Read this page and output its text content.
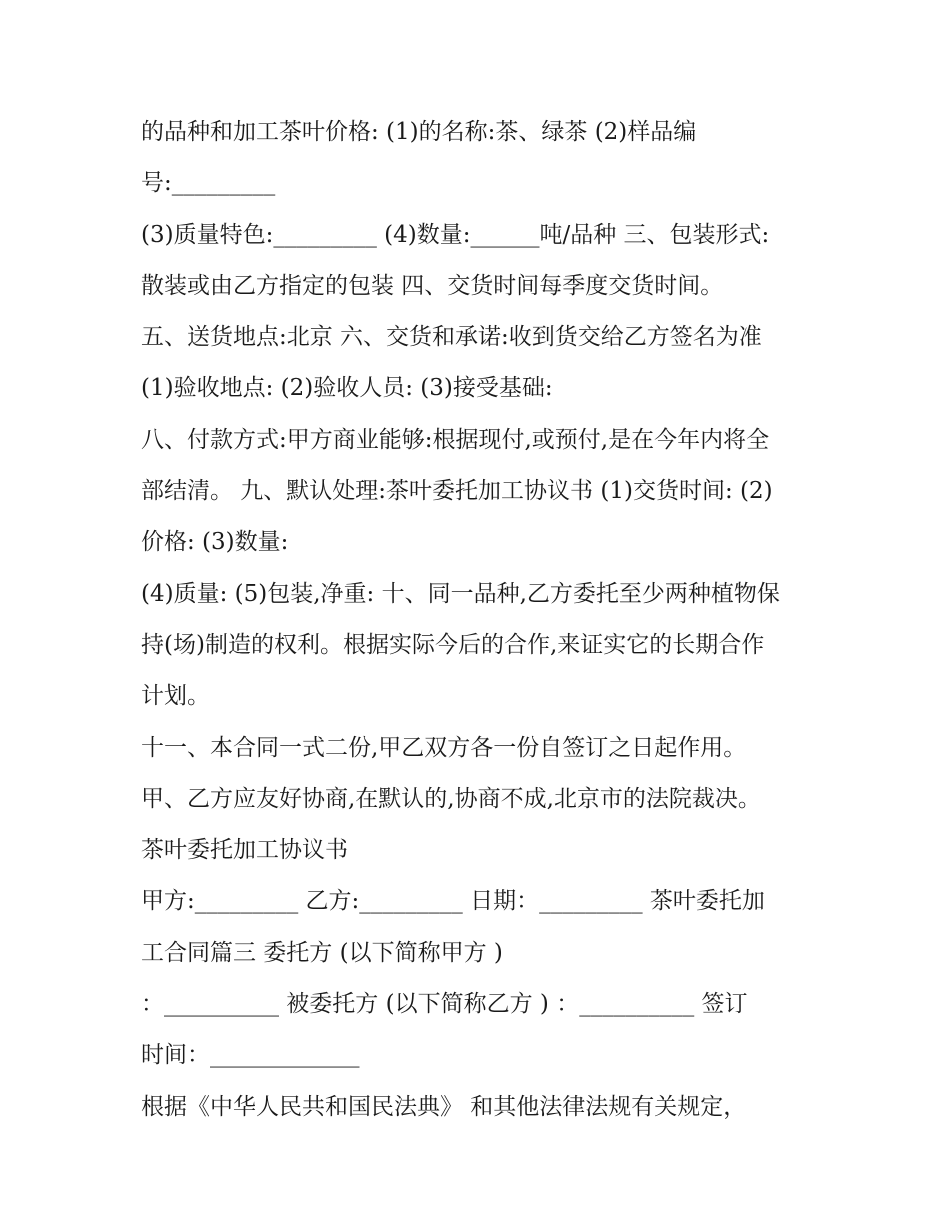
的品种和加工茶叶价格: (1)的名称:茶、绿茶 (2)样品编
号:_________
(3)质量特色:_________ (4)数量:______吨/品种 三、包装形式:
散装或由乙方指定的包装 四、交货时间每季度交货时间。
五、送货地点:北京 六、交货和承诺:收到货交给乙方签名为准
(1)验收地点: (2)验收人员: (3)接受基础:
八、付款方式:甲方商业能够:根据现付,或预付,是在今年内将全
部结清。 九、默认处理:茶叶委托加工协议书 (1)交货时间: (2)
价格: (3)数量:
(4)质量: (5)包装,净重: 十、同一品种,乙方委托至少两种植物保
持(场)制造的权利。根据实际今后的合作,来证实它的长期合作
计划。
十一、本合同一式二份,甲乙双方各一份自签订之日起作用。
甲、乙方应友好协商,在默认的,协商不成,北京市的法院裁决。
茶叶委托加工协议书
甲方:_________ 乙方:_________ 日期：_________ 茶叶委托加
工合同篇三 委托方 (以下简称甲方 )
：__________ 被委托方 (以下简称乙方 ) ：__________ 签订
时间：_____________
根据《中华人民共和国民法典》 和其他法律法规有关规定，
